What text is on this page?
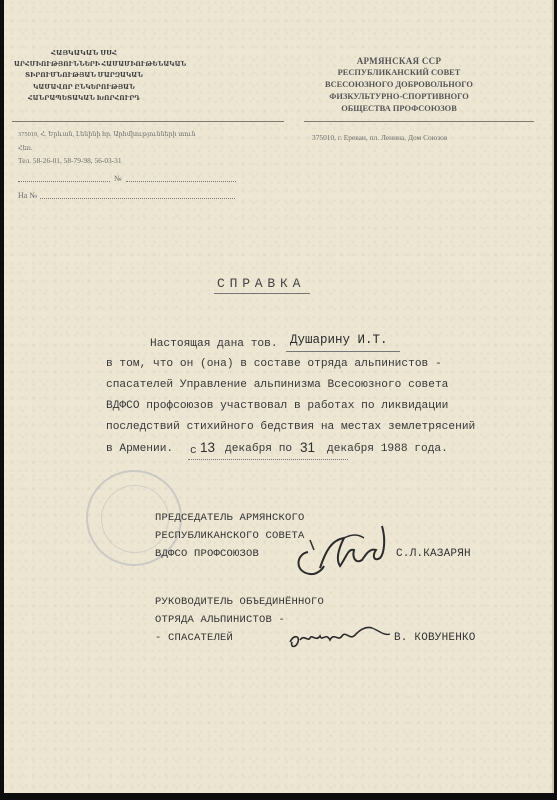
ՀԱՅԿԱԿԱՆ ՍՍՀ
ԱՐՀՄԻՈՒԹՅՈՒՆՆԵՐԻ ՀԱՄԱՄԻՈՒԹԵՆԱԿԱՆ
ՏԻՐՈՒՄՆՈՒԹՅԱՆ ՄԱՐԶԱԿԱՆ
ԿԱՄԱՎՈՐ ԸՆԿԵՐՈՒԹՅԱՆ
ՀԱՆՐԱՊԵՏԱԿԱՆ ԽՈՐՀՈՒՐԴ
АРМЯНСКАЯ ССР
РЕСПУБЛИКАНСКИЙ СОВЕТ
ВСЕСОЮЗНОГО ДОБРОВОЛЬНОГО
ФИЗКУЛЬТУРНО-СПОРТИВНОГО
ОБЩЕСТВА ПРОФСОЮЗОВ
375010, Հ. Երևան, Լենինի հր. Արհմիությունների տուն
Հեռ.
Тел. 58-26-01, 58-79-98, 56-03-31
375010, г. Ереван, пл. Ленина, Дом Союзов
№
На №
СПРАВКА
Настоящая дана тов. Душарину И.Т.
в том, что он (она) в составе отряда альпинистов -
спасателей Управление альпинизма Всесоюзного совета
ВДФСО профсоюзов участвовал в работах по ликвидации
последствий стихийного бедствия на местах землетрясений
в Армении. с 13 декабря по 31 декабря 1988 года.
ПРЕДСЕДАТЕЛЬ АРМЯНСКОГО
РЕСПУБЛИКАНСКОГО СОВЕТА
ВДФСО ПРОФСОЮЗОВ	С.Л.КАЗАРЯН
РУКОВОДИТЕЛЬ ОБЪЕДИНЁННОГО
ОТРЯДА АЛЬПИНИСТОВ -
- СПАСАТЕЛЕЙ	В. КОВУНЕНКО
